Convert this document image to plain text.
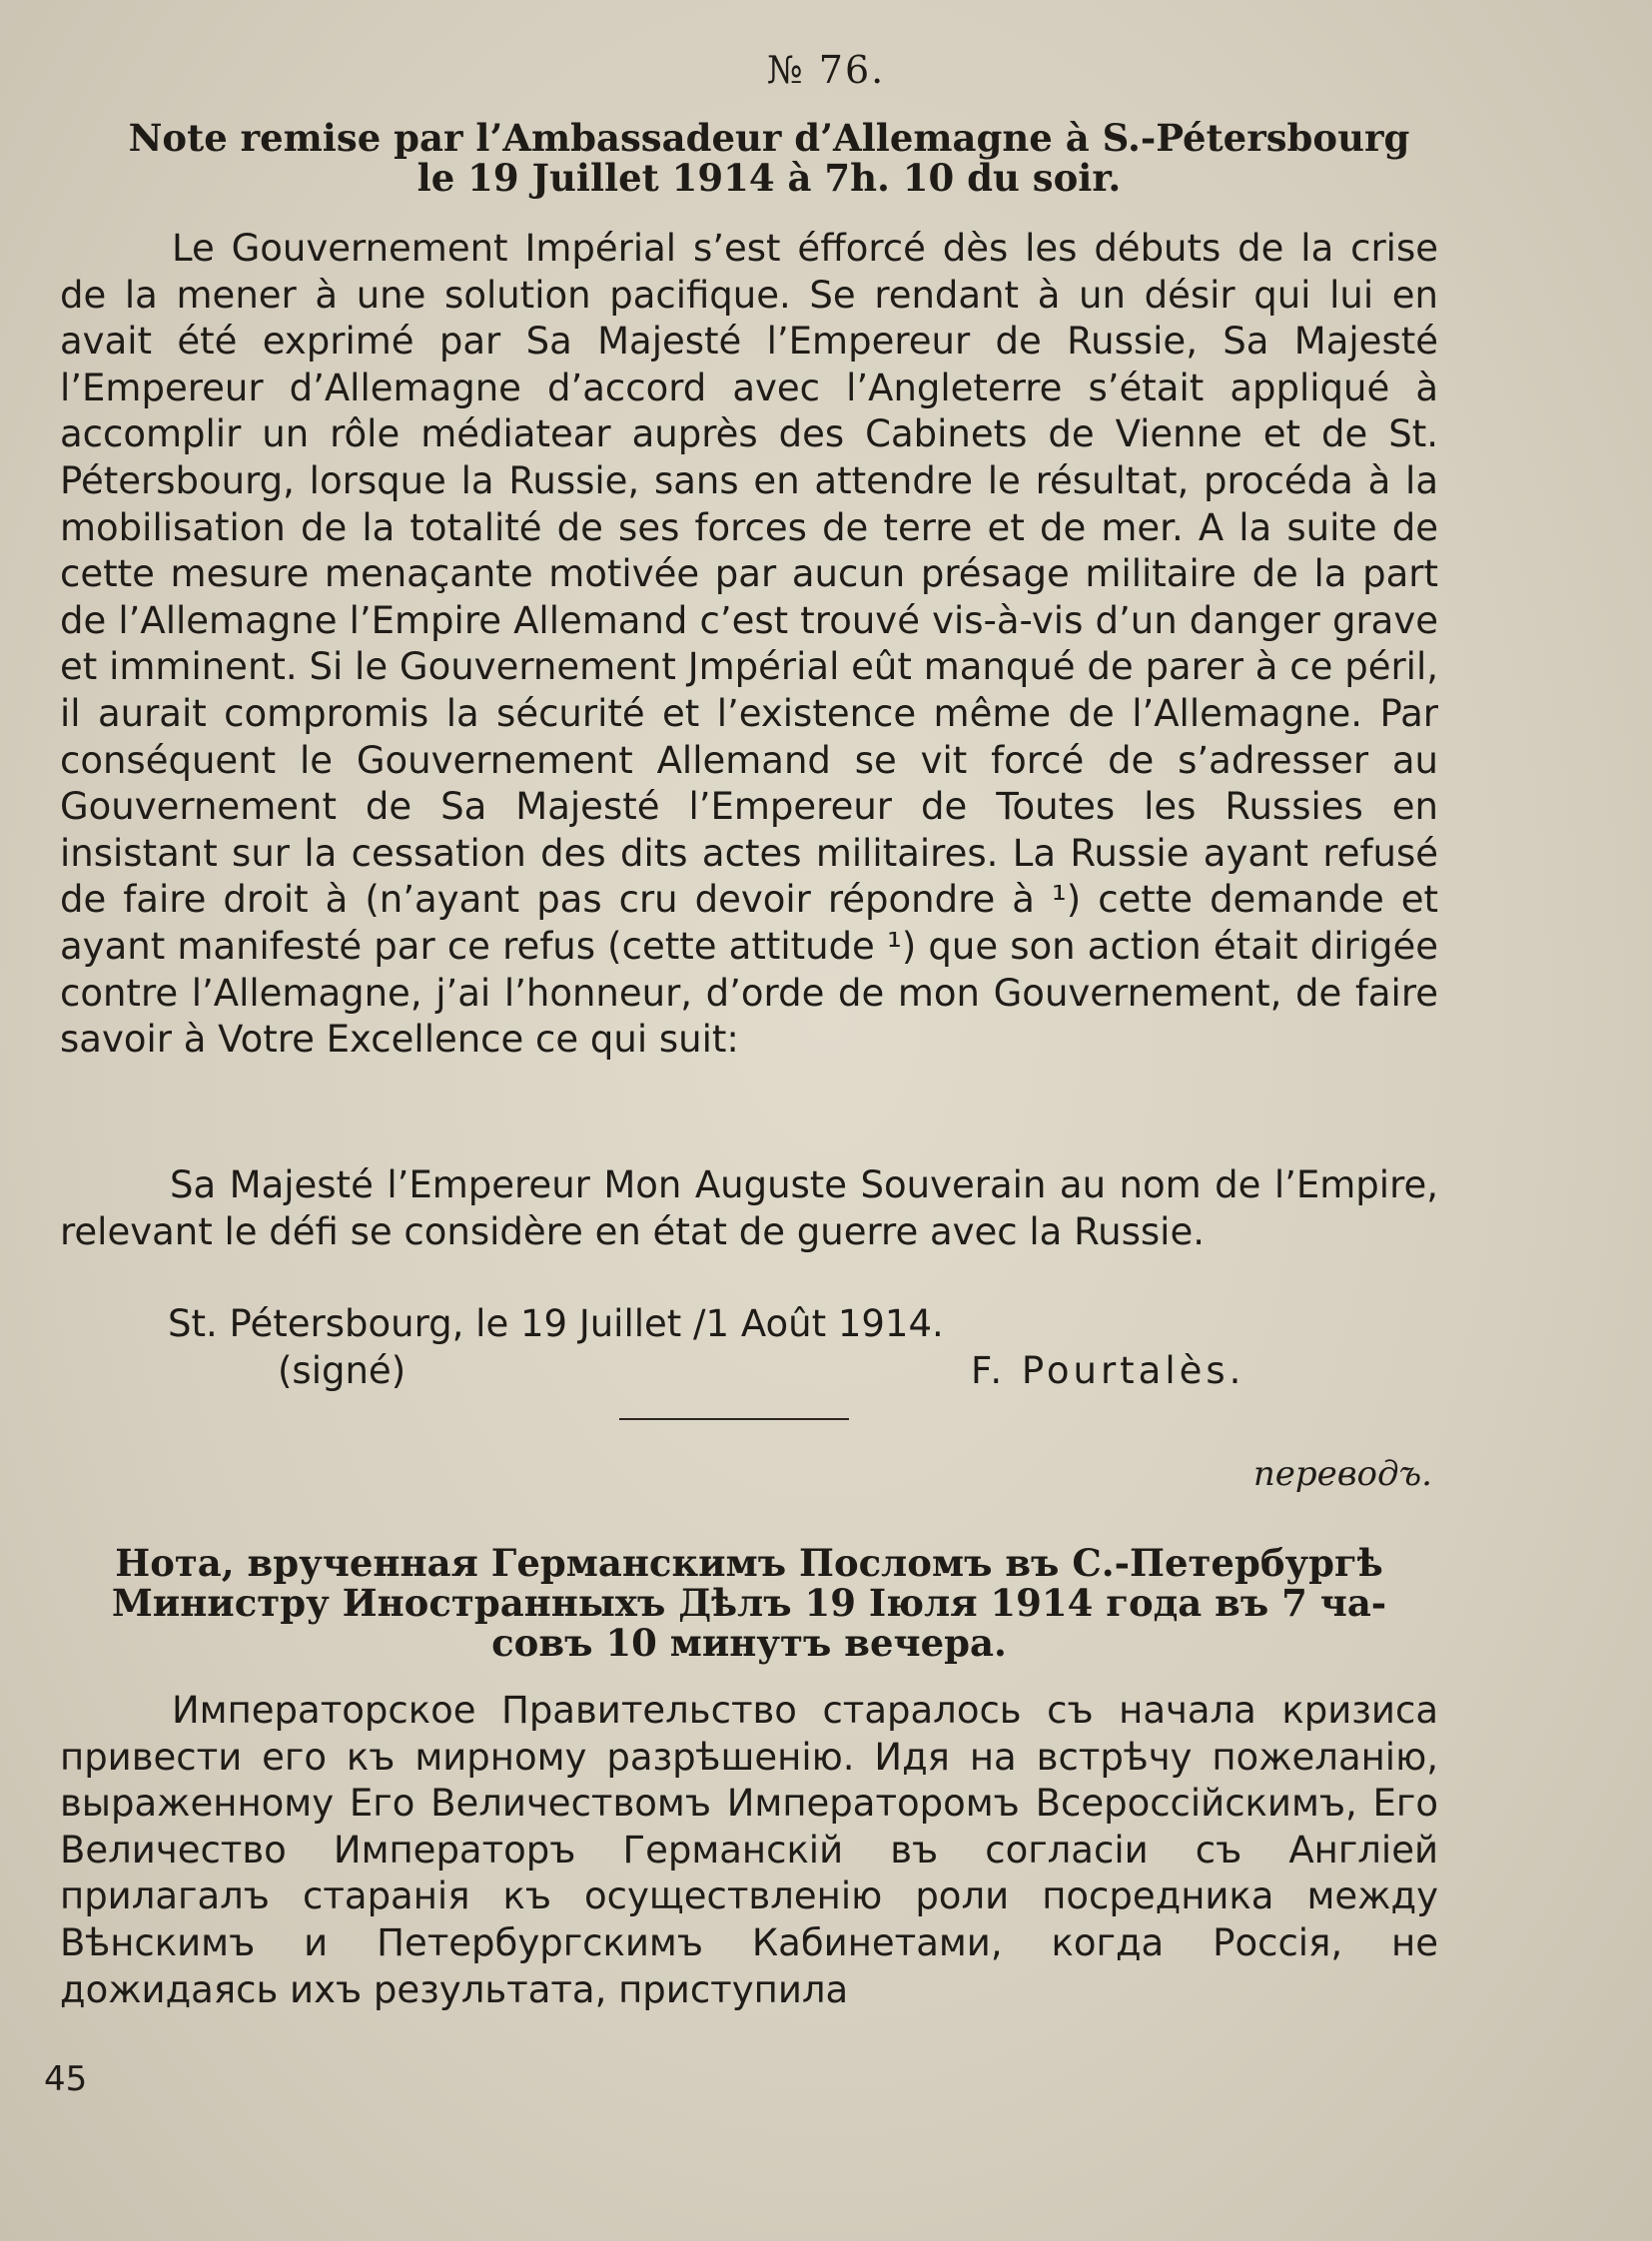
№ 76.
Note remise par l’Ambassadeur d’Allemagne à S.-Pétersbourg
le 19 Juillet 1914 à 7h. 10 du soir.

Le Gouvernement Impérial s’est éfforcé dès les débuts de la crise de la mener à une solution pacifique. Se rendant à un désir qui lui en avait été exprimé par Sa Majesté l’Empereur de Russie, Sa Majesté l’Empereur d’Allemagne d’accord avec l’Angleterre s’était appliqué à accomplir un rôle médiatear auprès des Cabinets de Vienne et de St. Pétersbourg, lorsque la Russie, sans en attendre le résultat, procéda à la mobilisation de la totalité de ses forces de terre et de mer. A la suite de cette mesure menaçante motivée par aucun présage militaire de la part de l’Allemagne l’Empire Allemand c’est trouvé vis-à-vis d’un danger grave et imminent. Si le Gouvernement Jmpérial eût manqué de parer à ce péril, il aurait compromis la sécurité et l’existence même de l’Allemagne. Par conséquent le Gouvernement Allemand se vit forcé de s’adresser au Gouvernement de Sa Majesté l’Empereur de Toutes les Russies en insistant sur la cessation des dits actes militaires. La Russie ayant refusé de faire droit à (n’ayant pas cru devoir répondre à ¹) cette demande et ayant manifesté par ce refus (cette attitude ¹) que son action était dirigée contre l’Allemagne, j’ai l’honneur, d’orde de mon Gouvernement, de faire savoir à Votre Excellence ce qui suit:

Sa Majesté l’Empereur Mon Auguste Souverain au nom de l’Empire, relevant le défi se considère en état de guerre avec la Russie.

St. Pétersbourg, le 19 Juillet /1 Août 1914.
(signé)	F. Pourtalès.
переводъ.
Нота, врученная Германскимъ Посломъ въ С.-Петербургѣ
Министру Иностранныхъ Дѣлъ 19 Іюля 1914 года въ 7 ча-
совъ 10 минутъ вечера.

Императорское Правительство старалось съ начала кризиса привести его къ мирному разрѣшенію. Идя на встрѣчу пожеланію, выраженному Его Величествомъ Императоромъ Всероссійскимъ, Его Величество Императоръ Германскій въ согласіи съ Англіей прилагалъ старанія къ осуществленію роли посредника между Вѣнскимъ и Петербургскимъ Кабинетами, когда Россія, не дожидаясь ихъ результата, приступила

45
